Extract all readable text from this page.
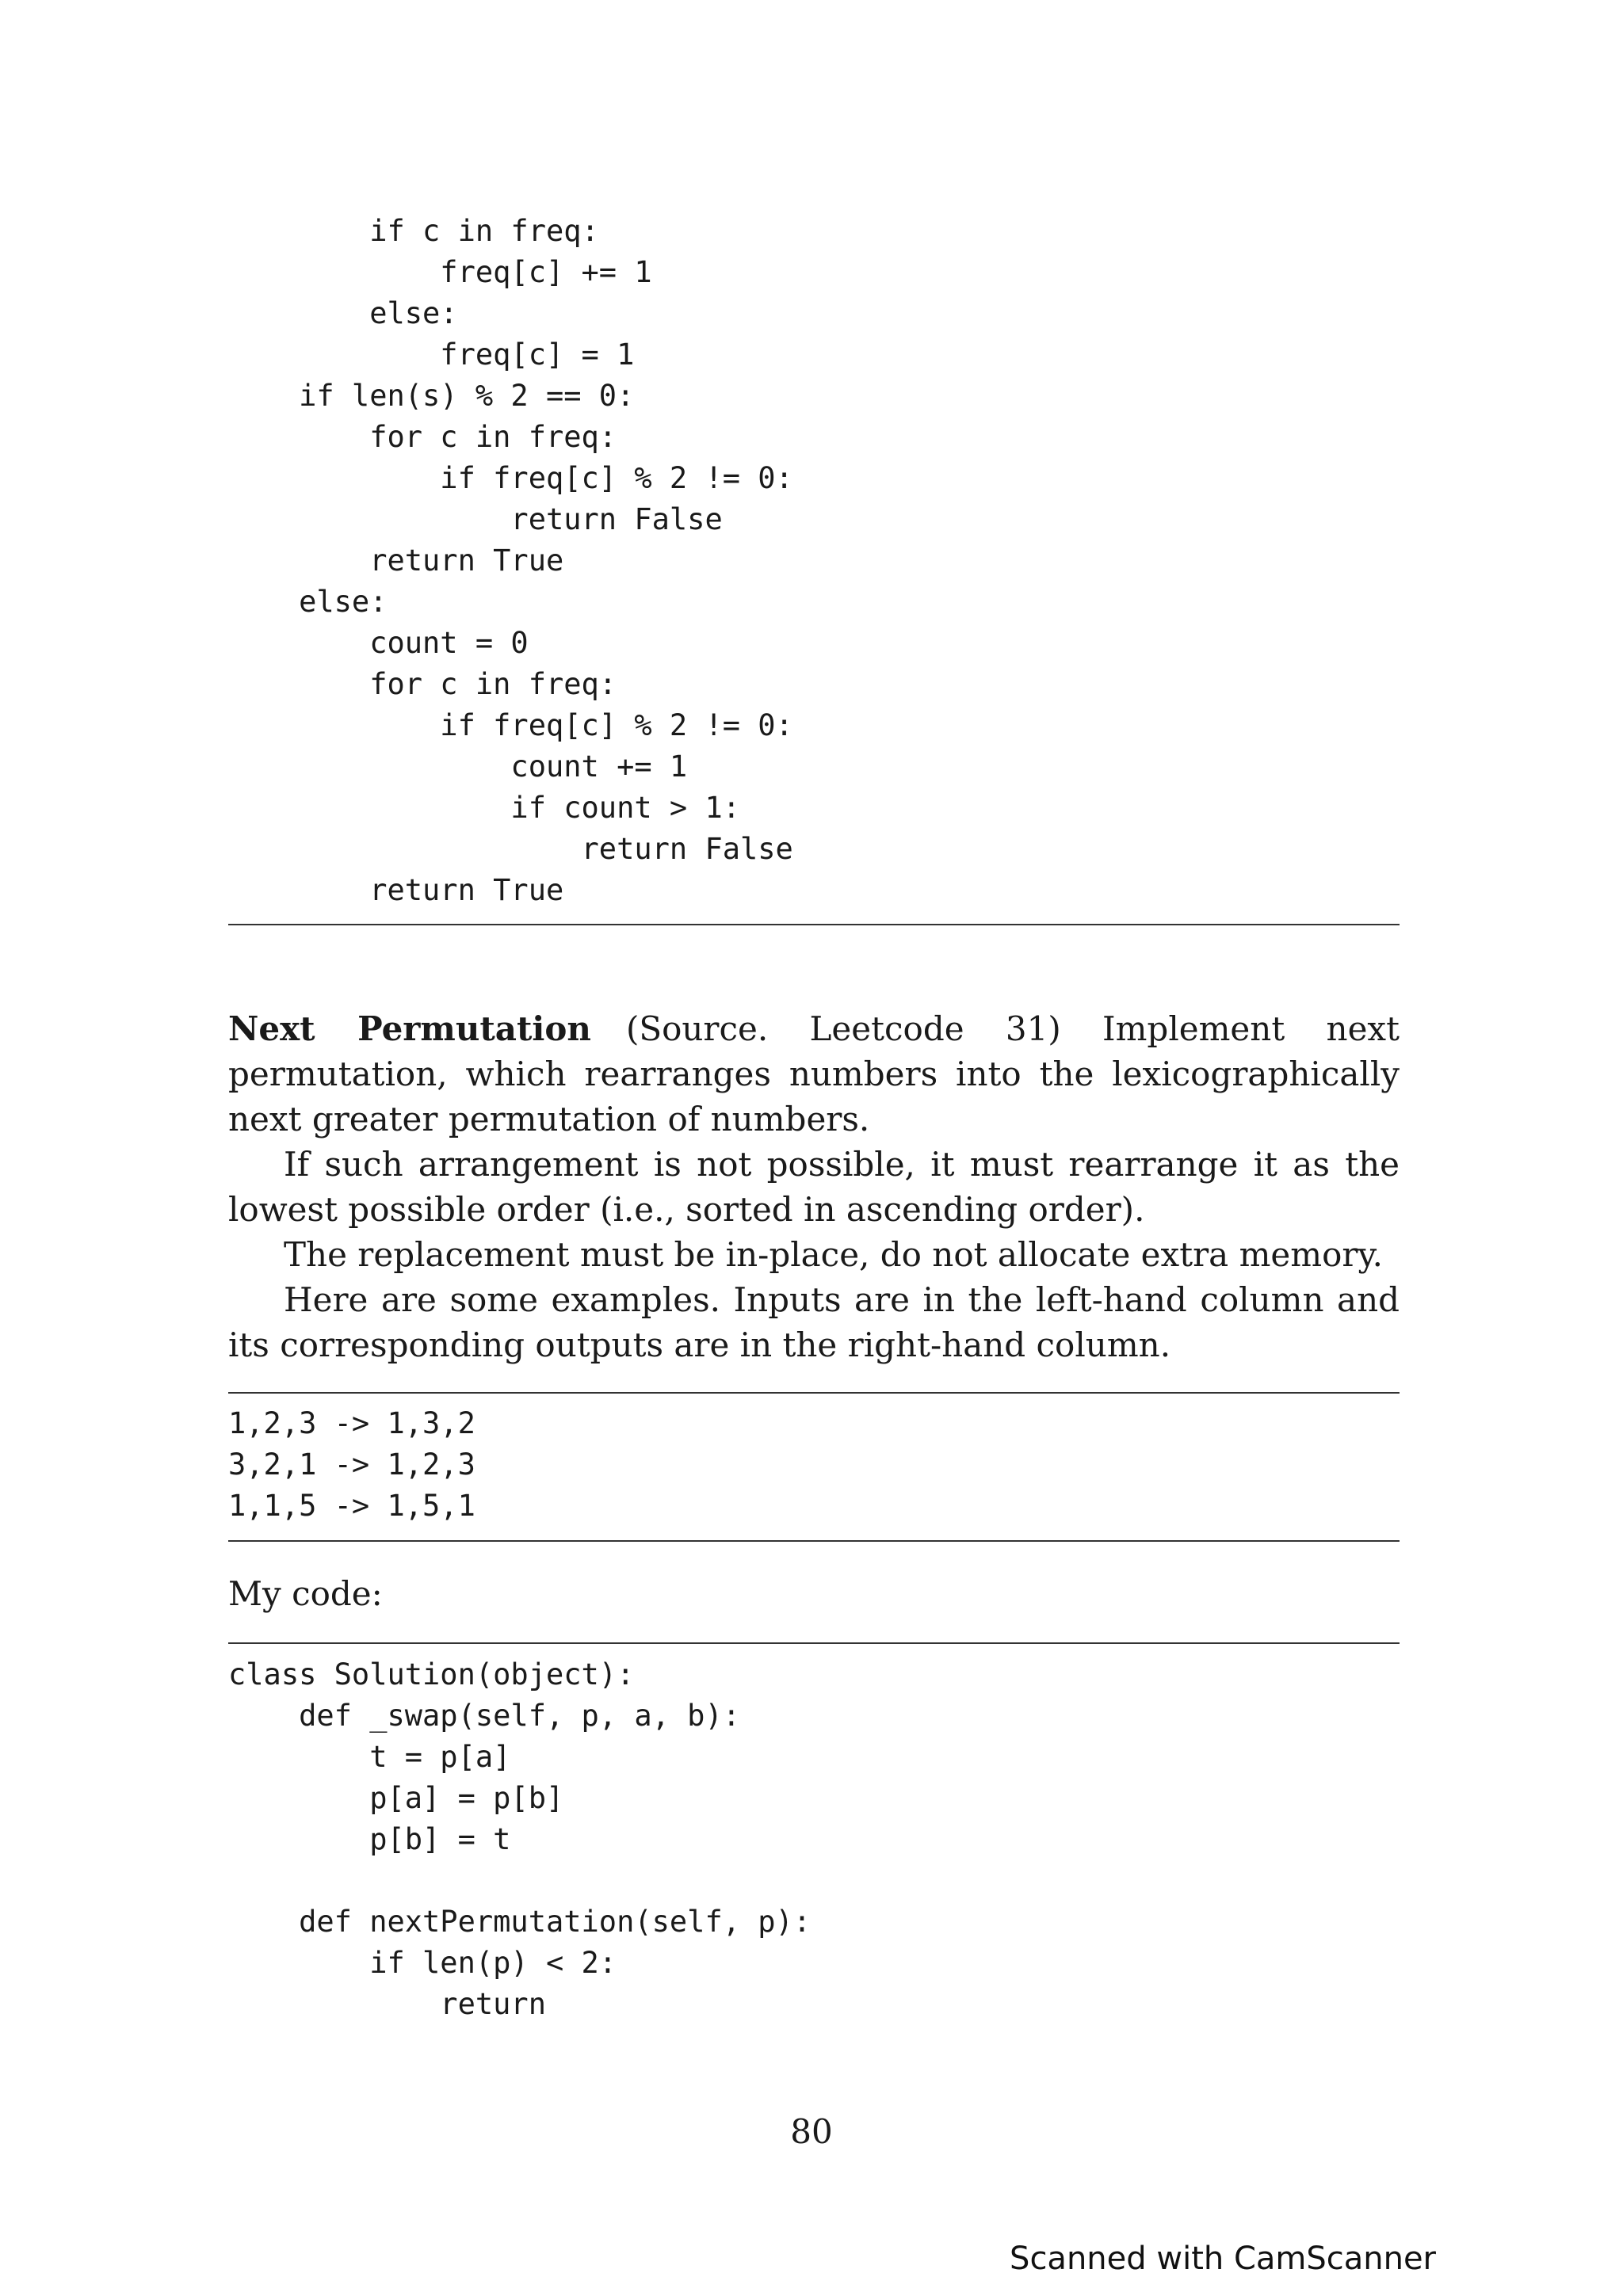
if c in freq:
freq[c] += 1
else:
freq[c] = 1
if len(s) % 2 == 0:
for c in freq:
if freq[c] % 2 != 0:
return False
return True
else:
count = 0
for c in freq:
if freq[c] % 2 != 0:
count += 1
if count > 1:
return False
return True

Next Permutation (Source. Leetcode 31) Implement next permutation, which rearranges numbers into the lexicographically next greater permutation of numbers.

If such arrangement is not possible, it must rearrange it as the lowest possible order (i.e., sorted in ascending order).

The replacement must be in-place, do not allocate extra memory.

Here are some examples. Inputs are in the left-hand column and its corresponding outputs are in the right-hand column.

1,2,3 -> 1,3,2
3,2,1 -> 1,2,3
1,1,5 -> 1,5,1
My code:
class Solution(object):
def _swap(self, p, a, b):
t = p[a]
p[a] = p[b]
p[b] = t
def nextPermutation(self, p):
if len(p) < 2:
return
80
Scanned with CamScanner
